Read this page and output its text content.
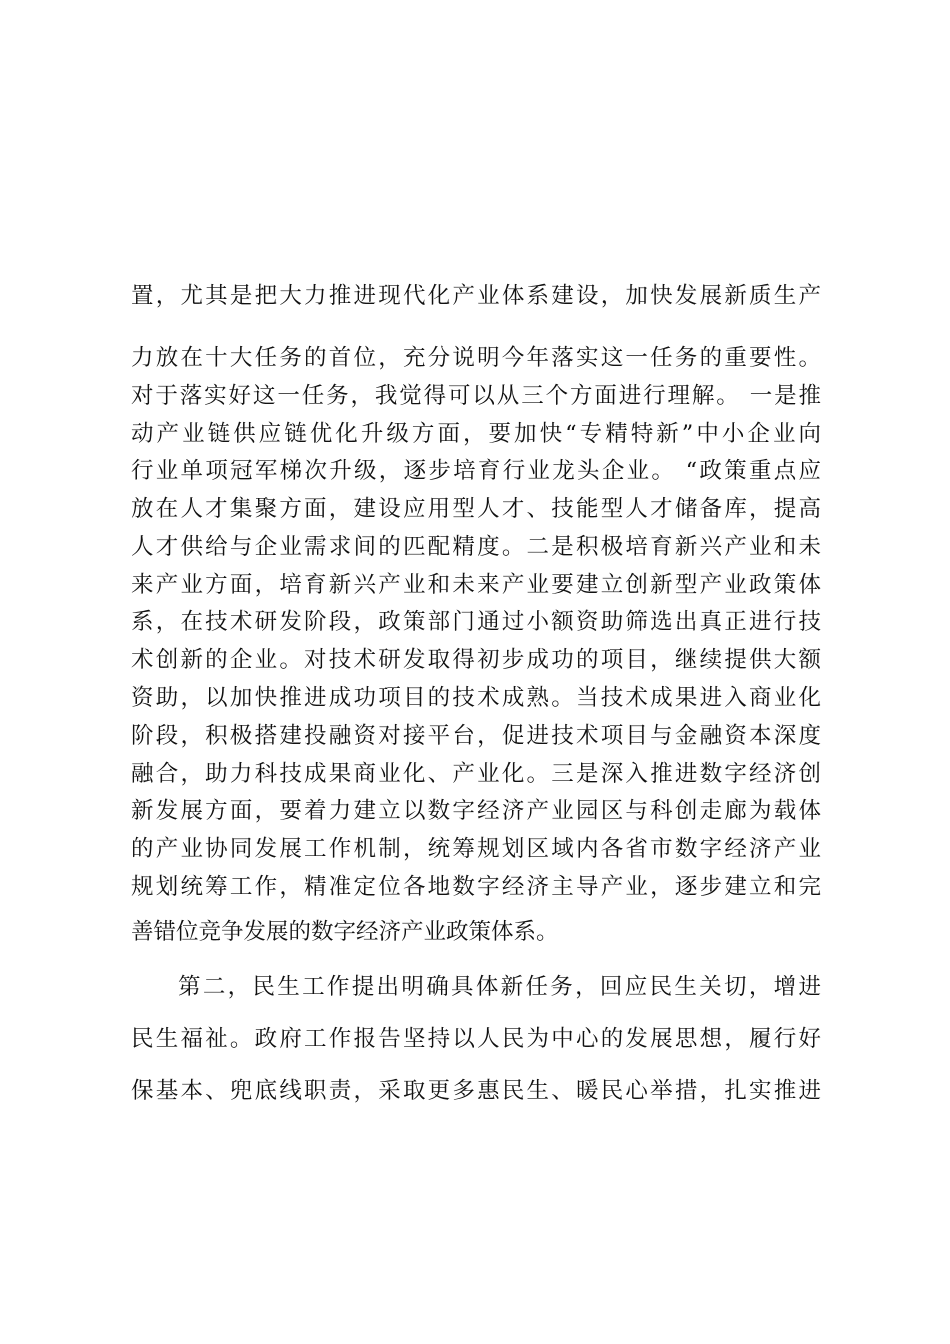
置，尤其是把大力推进现代化产业体系建设，加快发展新质生产
力放在十大任务的首位，充分说明今年落实这一任务的重要性。
对于落实好这一任务，我觉得可以从三个方面进行理解。 一是推
动产业链供应链优化升级方面，要加快“专精特新”中小企业向
行业单项冠军梯次升级，逐步培育行业龙头企业。 “政策重点应
放在人才集聚方面，建设应用型人才、技能型人才储备库，提高
人才供给与企业需求间的匹配精度。二是积极培育新兴产业和未
来产业方面，培育新兴产业和未来产业要建立创新型产业政策体
系，在技术研发阶段，政策部门通过小额资助筛选出真正进行技
术创新的企业。对技术研发取得初步成功的项目，继续提供大额
资助，以加快推进成功项目的技术成熟。当技术成果进入商业化
阶段，积极搭建投融资对接平台，促进技术项目与金融资本深度
融合，助力科技成果商业化、产业化。三是深入推进数字经济创
新发展方面，要着力建立以数字经济产业园区与科创走廊为载体
的产业协同发展工作机制，统筹规划区域内各省市数字经济产业
规划统筹工作，精准定位各地数字经济主导产业，逐步建立和完
善错位竞争发展的数字经济产业政策体系。
第二，民生工作提出明确具体新任务，回应民生关切，增进
民生福祉。政府工作报告坚持以人民为中心的发展思想，履行好
保基本、兜底线职责，采取更多惠民生、暖民心举措，扎实推进
